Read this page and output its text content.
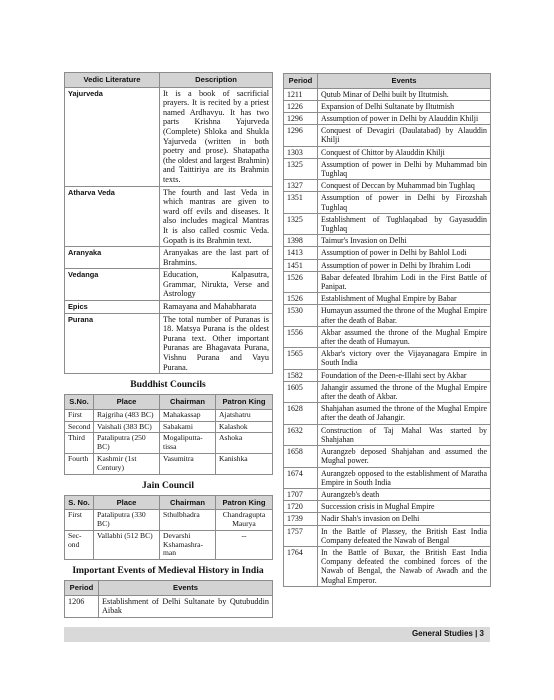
Vedic Literature	Description
Yajurveda	It is a book of sacrificial prayers. It is recited by a priest named Ardhavyu. It has two parts Krishna Yajurveda (Complete) Shloka and Shukla Yajurveda (written in both poetry and prose). Shatapatha (the oldest and largest Brahmin) and Taittiriya are its Brahmin texts.
Atharva Veda	The fourth and last Veda in which mantras are given to ward off evils and diseases. It also includes magical Mantras It is also called cosmic Veda. Gopath is its Brahmin text.
Aranyaka	Aranyakas are the last part of Brahmins.
Vedanga	Education, Kalpasutra, Grammar, Nirukta, Verse and Astrology
Epics	Ramayana and Mahabharata
Purana	The total number of Puranas is 18. Matsya Purana is the oldest Purana text. Other important Puranas are Bhagavata Purana, Vishnu Purana and Vayu Purana.
Buddhist Councils
S.No.	Place	Chairman	Patron King
First	Rajgriha (483 BC)	Mahakassap	Ajatshatru
Second	Vaishali (383 BC)	Sabakami	Kalashok
Third	Pataliputra (250 BC)	Mogaliputta-tissa	Ashoka
Fourth	Kashmir (1st Century)	Vasumitra	Kanishka
Jain Council
S. No.	Place	Chairman	Patron King
First	Pataliputra (330 BC)	Sthulbhadra	Chandragupta Maurya
Sec-ond	Vallabhi (512 BC)	Devarshi Kshamashra-man	--
Important Events of Medieval History in India
Period	Events
1206	Establishment of Delhi Sultanate by Qutubuddin Aibak
Period	Events
1211	Qutub Minar of Delhi built by Iltutmish.
1226	Expansion of Delhi Sultanate by Iltutmish
1296	Assumption of power in Delhi by Alauddin Khilji
1296	Conquest of Devagiri (Daulatabad) by Alauddin Khilji
1303	Conquest of Chittor by Alauddin Khilji
1325	Assumption of power in Delhi by Muhammad bin Tughlaq
1327	Conquest of Deccan by Muhammad bin Tughlaq
1351	Assumption of power in Delhi by Firozshah Tughlaq
1325	Establishment of Tughlaqabad by Gayasuddin Tughlaq
1398	Taimur's Invasion on Delhi
1413	Assumption of power in Delhi by Bahlol Lodi
1451	Assumption of power in Delhi by Ibrahim Lodi
1526	Babar defeated Ibrahim Lodi in the First Battle of Panipat.
1526	Establishment of Mughal Empire by Babar
1530	Humayun assumed the throne of the Mughal Empire after the death of Babar.
1556	Akbar assumed the throne of the Mughal Empire after the death of Humayun.
1565	Akbar's victory over the Vijayanagara Empire in South India
1582	Foundation of the Deen-e-Illahi sect by Akbar
1605	Jahangir assumed the throne of the Mughal Empire after the death of Akbar.
1628	Shahjahan asumed the throne of the Mughal Empire after the death of Jahangir.
1632	Construction of Taj Mahal Was started by Shahjahan
1658	Aurangzeb deposed Shahjahan and assumed the Mughal power.
1674	Aurangzeb opposed to the establishment of Maratha Empire in South India
1707	Aurangzeb's death
1720	Succession crisis in Mughal Empire
1739	Nadir Shah's invasion on Delhi
1757	In the Battle of Plassey, the British East India Company defeated the Nawab of Bengal
1764	In the Battle of Buxar, the British East India Company defeated the combined forces of the Nawab of Bengal, the Nawab of Awadh and the Mughal Emperor.
General Studies | 3
